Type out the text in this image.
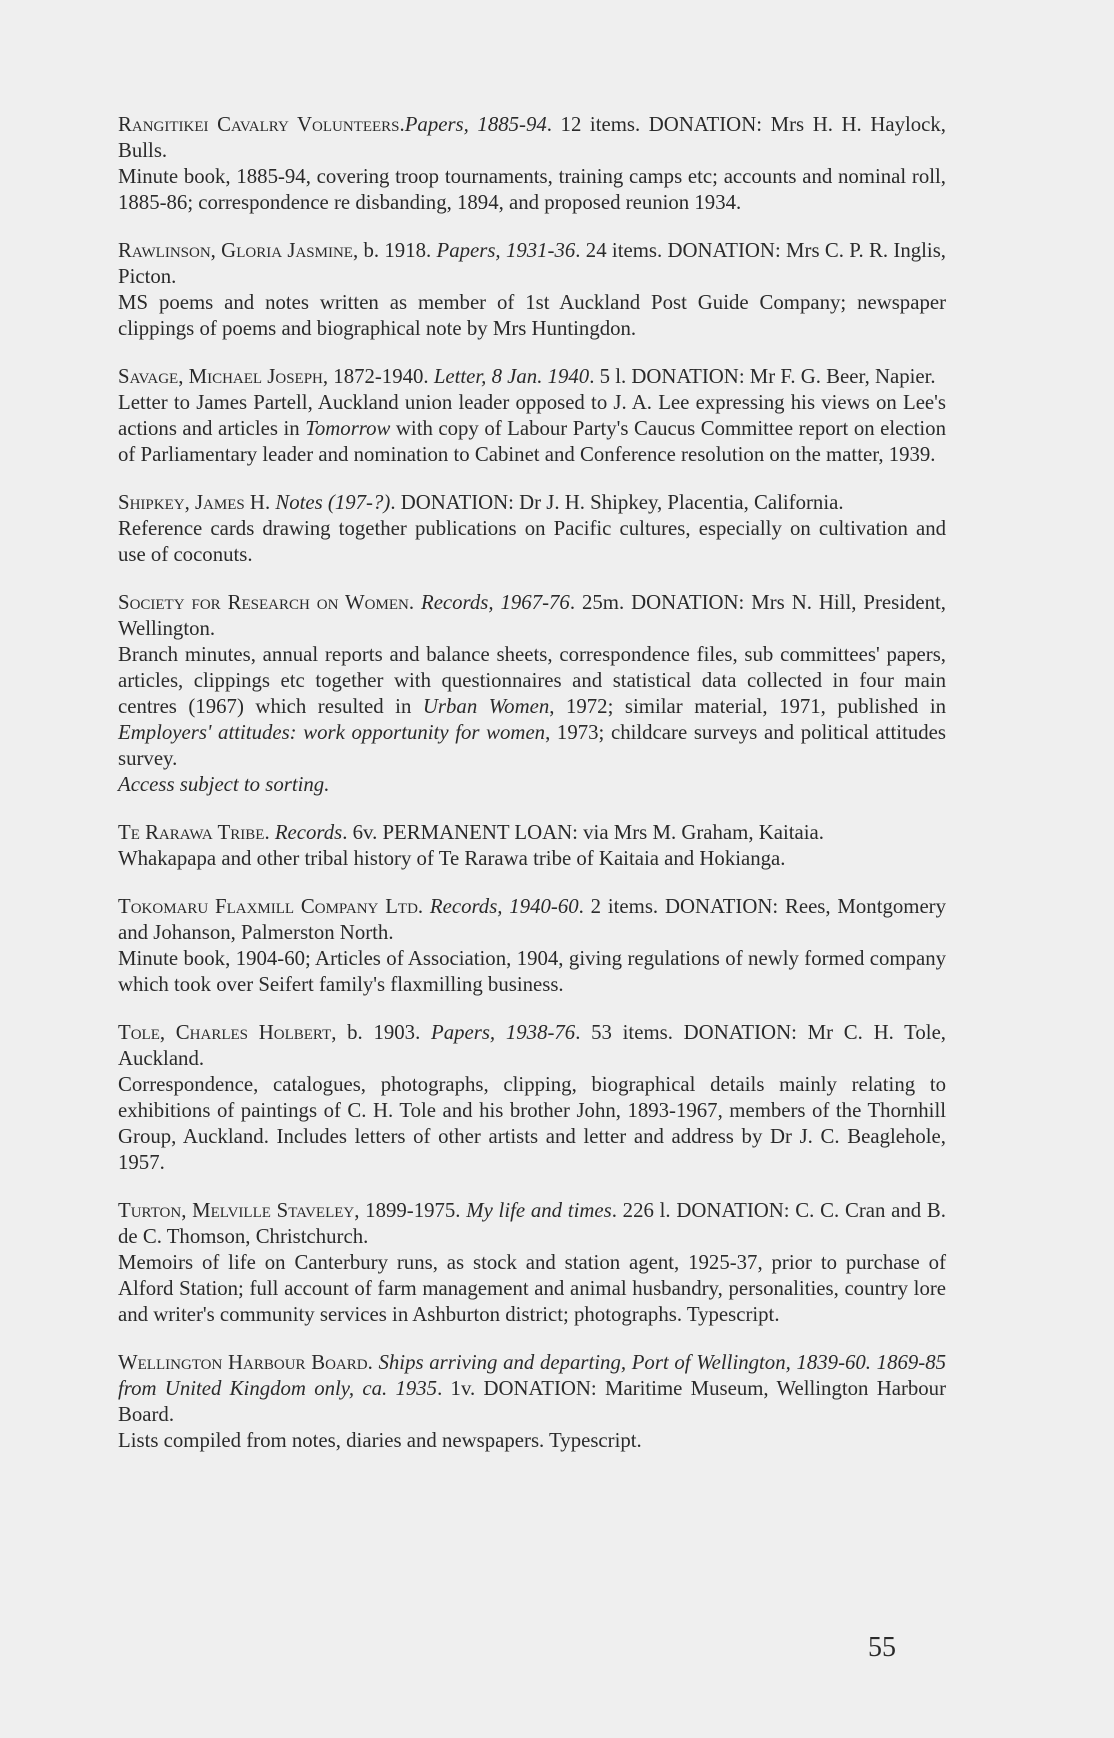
Rangitikei Cavalry Volunteers.Papers, 1885-94. 12 items. DONATION: Mrs H. H. Haylock, Bulls.
Minute book, 1885-94, covering troop tournaments, training camps etc; accounts and nominal roll, 1885-86; correspondence re disbanding, 1894, and proposed reunion 1934.
Rawlinson, Gloria Jasmine, b. 1918. Papers, 1931-36. 24 items. DONATION: Mrs C. P. R. Inglis, Picton.
MS poems and notes written as member of 1st Auckland Post Guide Company; newspaper clippings of poems and biographical note by Mrs Huntingdon.
Savage, Michael Joseph, 1872-1940. Letter, 8 Jan. 1940. 5 l. DONATION: Mr F. G. Beer, Napier.
Letter to James Partell, Auckland union leader opposed to J. A. Lee expressing his views on Lee's actions and articles in Tomorrow with copy of Labour Party's Caucus Committee report on election of Parliamentary leader and nomination to Cabinet and Conference resolution on the matter, 1939.
Shipkey, James H. Notes (197-?). DONATION: Dr J. H. Shipkey, Placentia, California.
Reference cards drawing together publications on Pacific cultures, especially on cultivation and use of coconuts.
Society for Research on Women. Records, 1967-76. 25m. DONATION: Mrs N. Hill, President, Wellington.
Branch minutes, annual reports and balance sheets, correspondence files, sub committees' papers, articles, clippings etc together with questionnaires and statistical data collected in four main centres (1967) which resulted in Urban Women, 1972; similar material, 1971, published in Employers' attitudes: work opportunity for women, 1973; childcare surveys and political attitudes survey.
Access subject to sorting.
Te Rarawa Tribe. Records. 6v. PERMANENT LOAN: via Mrs M. Graham, Kaitaia.
Whakapapa and other tribal history of Te Rarawa tribe of Kaitaia and Hokianga.
Tokomaru Flaxmill Company Ltd. Records, 1940-60. 2 items. DONATION: Rees, Montgomery and Johanson, Palmerston North.
Minute book, 1904-60; Articles of Association, 1904, giving regulations of newly formed company which took over Seifert family's flaxmilling business.
Tole, Charles Holbert, b. 1903. Papers, 1938-76. 53 items. DONATION: Mr C. H. Tole, Auckland.
Correspondence, catalogues, photographs, clipping, biographical details mainly relating to exhibitions of paintings of C. H. Tole and his brother John, 1893-1967, members of the Thornhill Group, Auckland. Includes letters of other artists and letter and address by Dr J. C. Beaglehole, 1957.
Turton, Melville Staveley, 1899-1975. My life and times. 226 l. DONATION: C. C. Cran and B. de C. Thomson, Christchurch.
Memoirs of life on Canterbury runs, as stock and station agent, 1925-37, prior to purchase of Alford Station; full account of farm management and animal husbandry, personalities, country lore and writer's community services in Ashburton district; photographs. Typescript.
Wellington Harbour Board. Ships arriving and departing, Port of Wellington, 1839-60. 1869-85 from United Kingdom only, ca. 1935. 1v. DONATION: Maritime Museum, Wellington Harbour Board.
Lists compiled from notes, diaries and newspapers. Typescript.
55
